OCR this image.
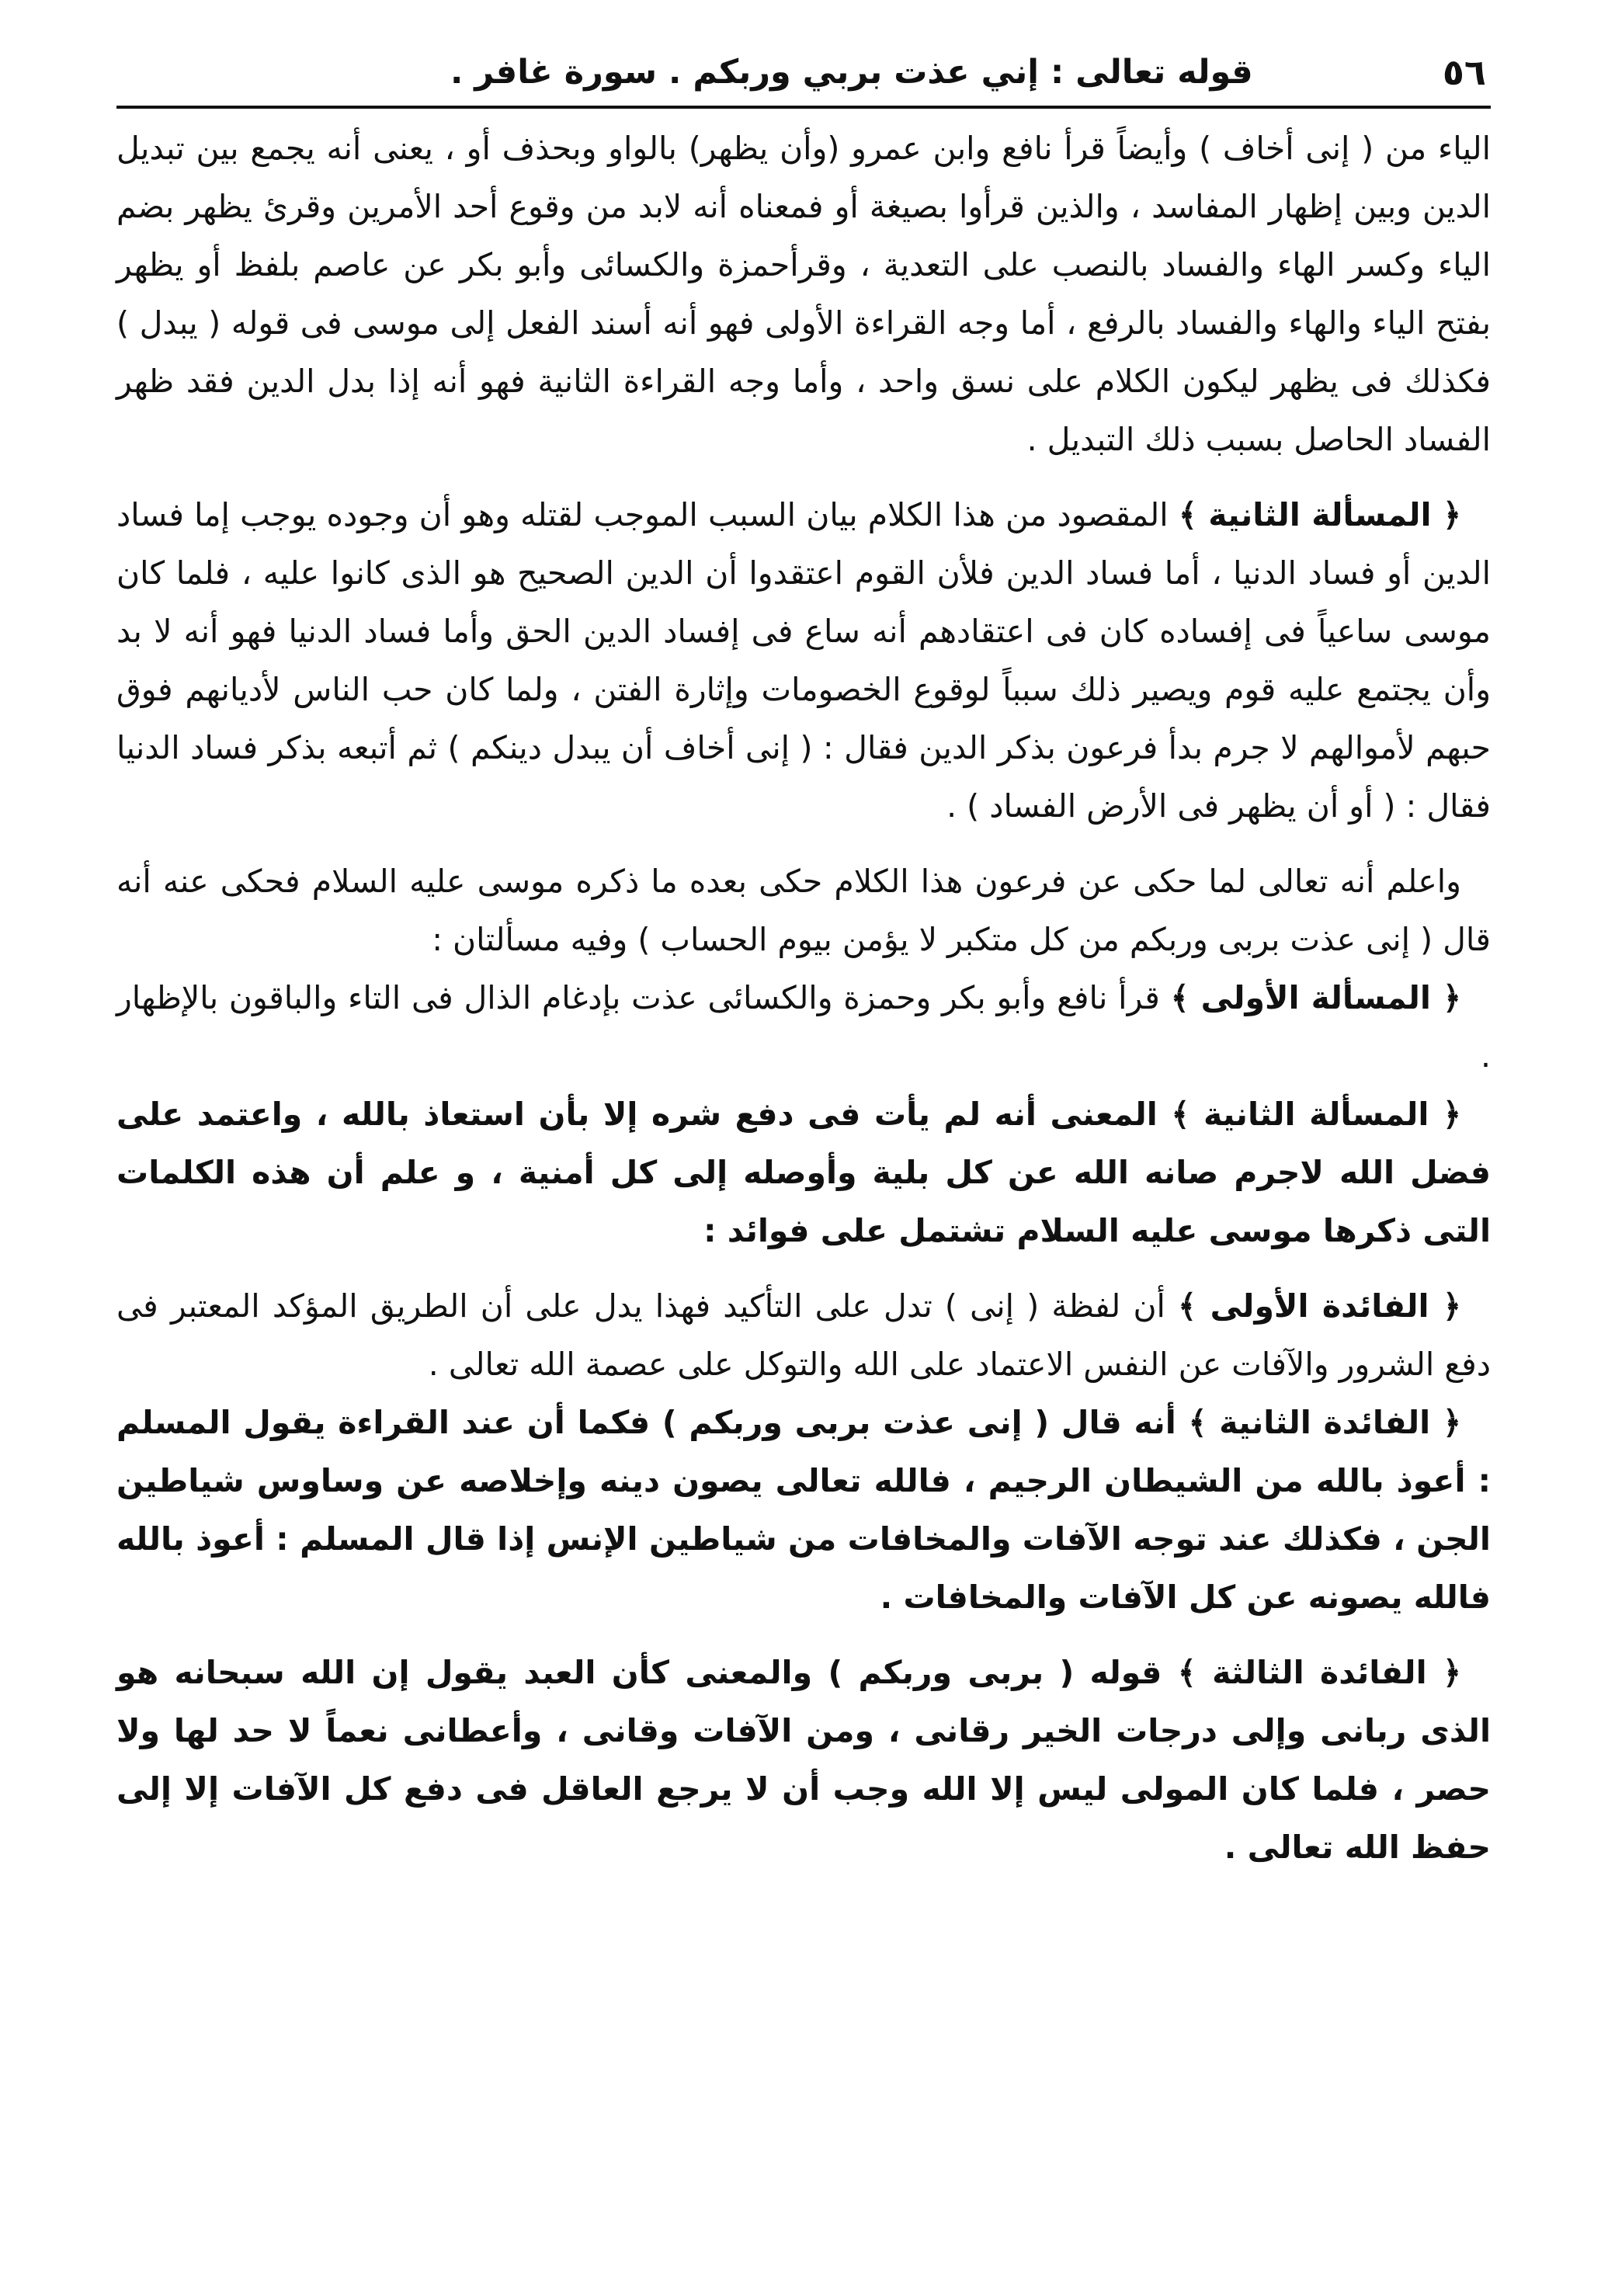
٥٦
قوله تعالى : إني عذت بربي وربكم . سورة غافر .

الياء من ( إنى أخاف ) وأيضاً قرأ نافع وابن عمرو (وأن يظهر) بالواو وبحذف أو ، يعنى أنه يجمع بين تبديل الدين وبين إظهار المفاسد ، والذين قرأوا بصيغة أو فمعناه أنه لابد من وقوع أحد الأمرين وقرئ يظهر بضم الياء وكسر الهاء والفساد بالنصب على التعدية ، وقرأحمزة والكسائى وأبو بكر عن عاصم بلفظ أو يظهر بفتح الياء والهاء والفساد بالرفع ، أما وجه القراءة الأولى فهو أنه أسند الفعل إلى موسى فى قوله ( يبدل ) فكذلك فى يظهر ليكون الكلام على نسق واحد ، وأما وجه القراءة الثانية فهو أنه إذا بدل الدين فقد ظهر الفساد الحاصل بسبب ذلك التبديل .

﴿ المسألة الثانية ﴾ المقصود من هذا الكلام بيان السبب الموجب لقتله وهو أن وجوده يوجب إما فساد الدين أو فساد الدنيا ، أما فساد الدين فلأن القوم اعتقدوا أن الدين الصحيح هو الذى كانوا عليه ، فلما كان موسى ساعياً فى إفساده كان فى اعتقادهم أنه ساع فى إفساد الدين الحق وأما فساد الدنيا فهو أنه لا بد وأن يجتمع عليه قوم ويصير ذلك سبباً لوقوع الخصومات وإثارة الفتن ، ولما كان حب الناس لأديانهم فوق حبهم لأموالهم لا جرم بدأ فرعون بذكر الدين فقال : ( إنى أخاف أن يبدل دينكم ) ثم أتبعه بذكر فساد الدنيا فقال : ( أو أن يظهر فى الأرض الفساد ) .

واعلم أنه تعالى لما حكى عن فرعون هذا الكلام حكى بعده ما ذكره موسى عليه السلام فحكى عنه أنه قال ( إنى عذت بربى وربكم من كل متكبر لا يؤمن بيوم الحساب ) وفيه مسألتان :

﴿ المسألة الأولى ﴾ قرأ نافع وأبو بكر وحمزة والكسائى عذت بإدغام الذال فى التاء والباقون بالإظهار .

﴿ المسألة الثانية ﴾ المعنى أنه لم يأت فى دفع شره إلا بأن استعاذ بالله ، واعتمد على فضل الله لاجرم صانه الله عن كل بلية وأوصله إلى كل أمنية ، و علم أن هذه الكلمات التى ذكرها موسى عليه السلام تشتمل على فوائد :

﴿ الفائدة الأولى ﴾ أن لفظة ( إنى ) تدل على التأكيد فهذا يدل على أن الطريق المؤكد المعتبر فى دفع الشرور والآفات عن النفس الاعتماد على الله والتوكل على عصمة الله تعالى .

﴿ الفائدة الثانية ﴾ أنه قال ( إنى عذت بربى وربكم ) فكما أن عند القراءة يقول المسلم : أعوذ بالله من الشيطان الرجيم ، فالله تعالى يصون دينه وإخلاصه عن وساوس شياطين الجن ، فكذلك عند توجه الآفات والمخافات من شياطين الإنس إذا قال المسلم : أعوذ بالله فالله يصونه عن كل الآفات والمخافات .

﴿ الفائدة الثالثة ﴾ قوله ( بربى وربكم ) والمعنى كأن العبد يقول إن الله سبحانه هو الذى ربانى وإلى درجات الخير رقانى ، ومن الآفات وقانى ، وأعطانى نعماً لا حد لها ولا حصر ، فلما كان المولى ليس إلا الله وجب أن لا يرجع العاقل فى دفع كل الآفات إلا إلى حفظ الله تعالى .
